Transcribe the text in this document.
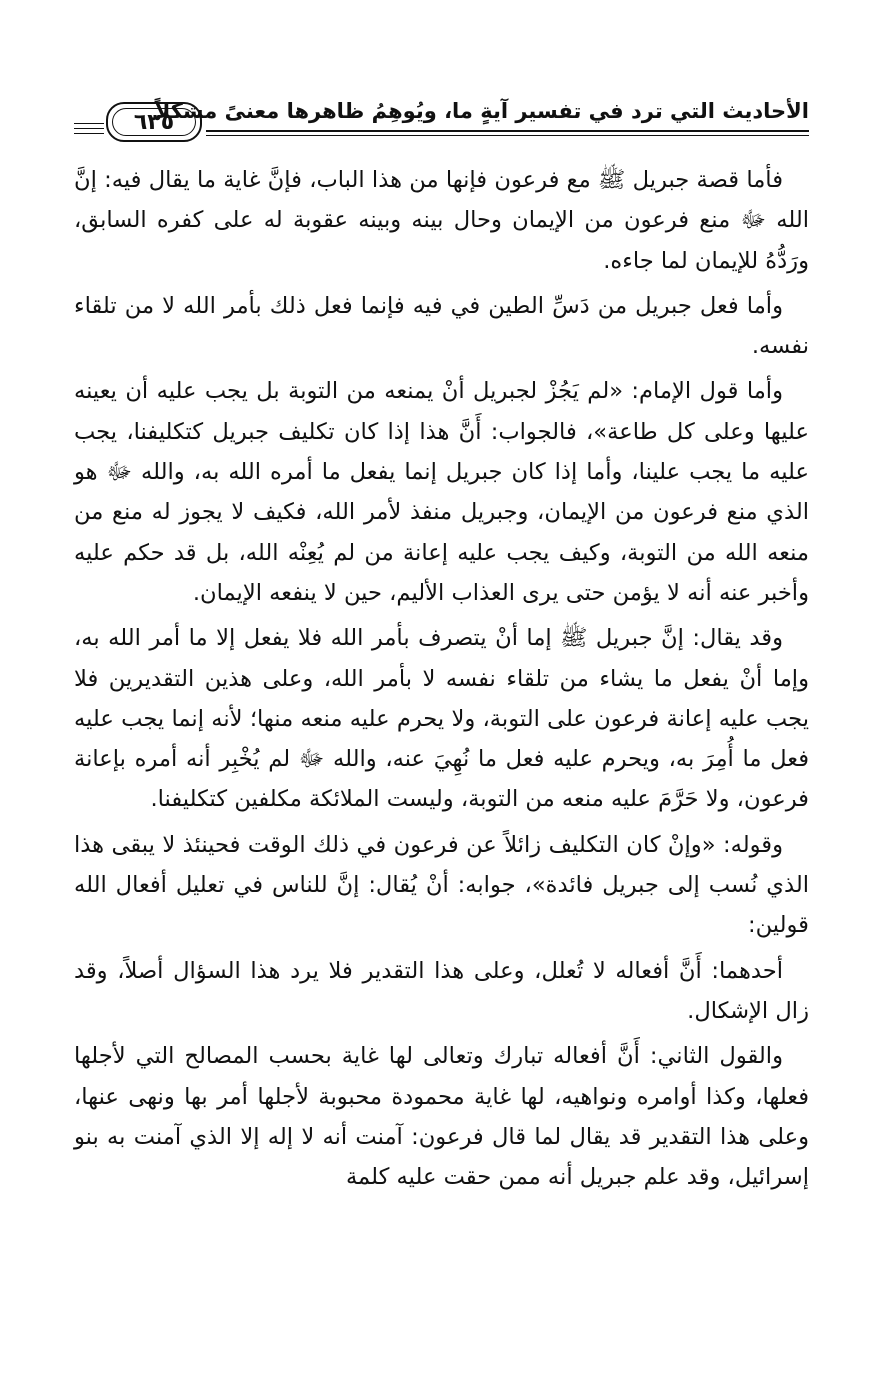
الأحاديث التي ترد في تفسير آيةٍ ما، ويُوهِمُ ظاهرها معنىً مشكلاً
٦٣٥

فأما قصة جبريل ﷺ مع فرعون فإنها من هذا الباب، فإنَّ غاية ما يقال فيه: إنَّ الله ﷻ منع فرعون من الإيمان وحال بينه وبينه عقوبة له على كفره السابق، ورَدُّهُ للإيمان لما جاءه.

وأما فعل جبريل من دَسِّ الطين في فيه فإنما فعل ذلك بأمر الله لا من تلقاء نفسه.

وأما قول الإمام: «لم يَجُزْ لجبريل أنْ يمنعه من التوبة بل يجب عليه أن يعينه عليها وعلى كل طاعة»، فالجواب: أَنَّ هذا إذا كان تكليف جبريل كتكليفنا، يجب عليه ما يجب علينا، وأما إذا كان جبريل إنما يفعل ما أمره الله به، والله ﷻ هو الذي منع فرعون من الإيمان، وجبريل منفذ لأمر الله، فكيف لا يجوز له منع من منعه الله من التوبة، وكيف يجب عليه إعانة من لم يُعِنْه الله، بل قد حكم عليه وأخبر عنه أنه لا يؤمن حتى يرى العذاب الأليم، حين لا ينفعه الإيمان.

وقد يقال: إنَّ جبريل ﷺ إما أنْ يتصرف بأمر الله فلا يفعل إلا ما أمر الله به، وإما أنْ يفعل ما يشاء من تلقاء نفسه لا بأمر الله، وعلى هذين التقديرين فلا يجب عليه إعانة فرعون على التوبة، ولا يحرم عليه منعه منها؛ لأنه إنما يجب عليه فعل ما أُمِرَ به، ويحرم عليه فعل ما نُهِيَ عنه، والله ﷻ لم يُخْبِر أنه أمره بإعانة فرعون، ولا حَرَّمَ عليه منعه من التوبة، وليست الملائكة مكلفين كتكليفنا.

وقوله: «وإنْ كان التكليف زائلاً عن فرعون في ذلك الوقت فحينئذ لا يبقى هذا الذي نُسب إلى جبريل فائدة»، جوابه: أنْ يُقال: إنَّ للناس في تعليل أفعال الله قولين:

أحدهما: أَنَّ أفعاله لا تُعلل، وعلى هذا التقدير فلا يرد هذا السؤال أصلاً، وقد زال الإشكال.

والقول الثاني: أَنَّ أفعاله تبارك وتعالى لها غاية بحسب المصالح التي لأجلها فعلها، وكذا أوامره ونواهيه، لها غاية محمودة محبوبة لأجلها أمر بها ونهى عنها، وعلى هذا التقدير قد يقال لما قال فرعون: آمنت أنه لا إله إلا الذي آمنت به بنو إسرائيل، وقد علم جبريل أنه ممن حقت عليه كلمة
